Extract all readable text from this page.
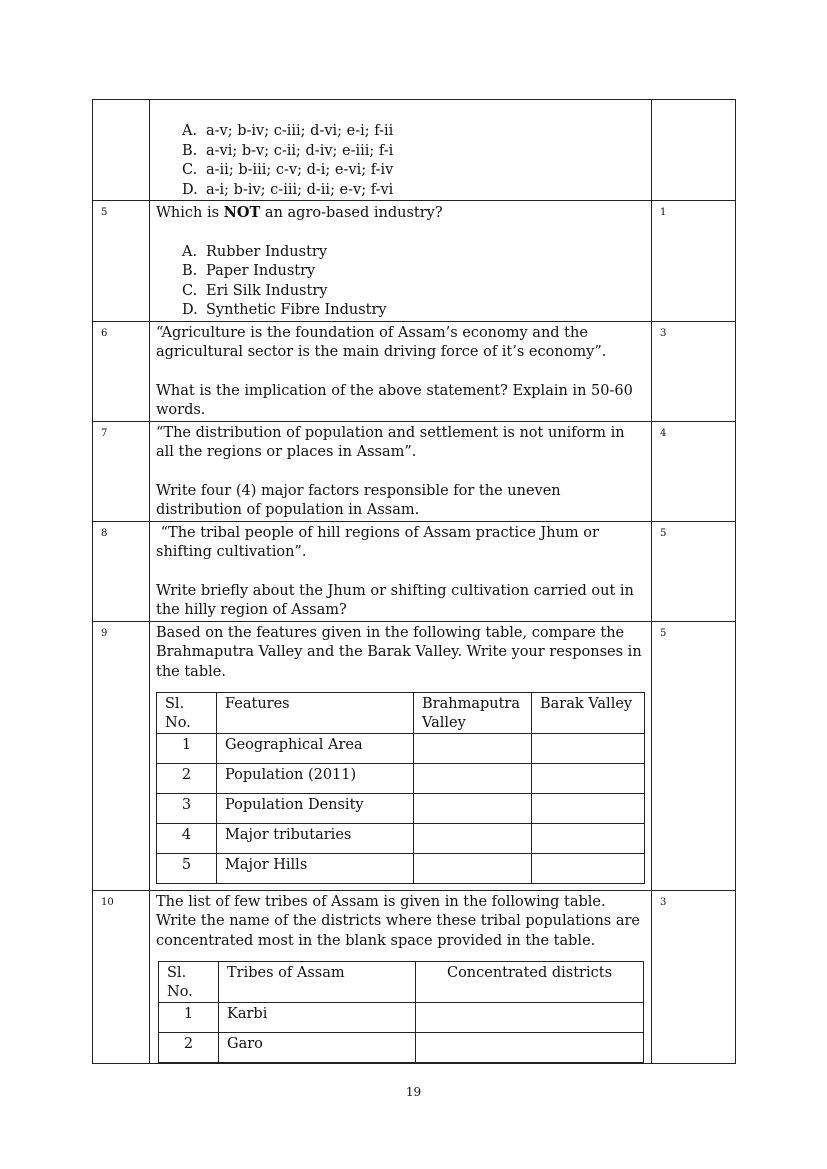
A. a-v; b-iv; c-iii; d-vi; e-i; f-ii
B. a-vi; b-v; c-ii; d-iv; e-iii; f-i
C. a-ii; b-iii; c-v; d-i; e-vi; f-iv
D. a-i; b-iv; c-iii; d-ii; e-v; f-vi

5	Which is NOT an agro-based industry?

A. Rubber Industry
B. Paper Industry
C. Eri Silk Industry
D. Synthetic Fibre Industry
	1
6	“Agriculture is the foundation of Assam’s economy and the agricultural sector is the main driving force of it’s economy”.

What is the implication of the above statement? Explain in 50-60 words.

	3
7	“The distribution of population and settlement is not uniform in all the regions or places in Assam”.

Write four (4) major factors responsible for the uneven distribution of population in Assam.

	4
8	“The tribal people of hill regions of Assam practice Jhum or shifting cultivation”.

Write briefly about the Jhum or shifting cultivation carried out in the hilly region of Assam?

	5
9	Based on the features given in the following table, compare the Brahmaputra Valley and the Barak Valley. Write your responses in the table.

Sl. No.	Features	Brahmaputra Valley	Barak Valley
1	Geographical Area		
2	Population (2011)		
3	Population Density		
4	Major tributaries		
5	Major Hills		
	5
10	The list of few tribes of Assam is given in the following table. Write the name of the districts where these tribal populations are concentrated most in the blank space provided in the table.

Sl. No.	Tribes of Assam	Concentrated districts
1	Karbi	
2	Garo	
	3
19
